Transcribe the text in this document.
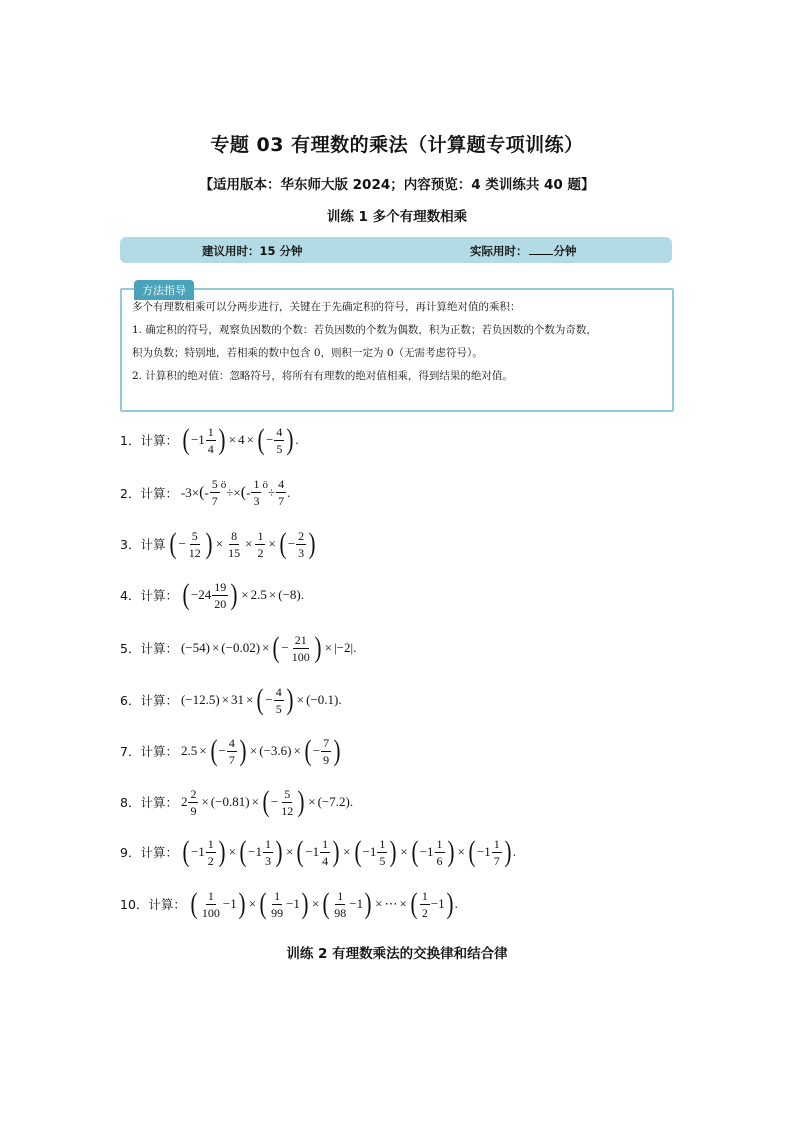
专题 03 有理数的乘法（计算题专项训练）
【适用版本：华东师大版 2024；内容预览：4 类训练共 40 题】
训练 1 多个有理数相乘
建议用时：15 分钟	实际用时： 分钟
方法指导

多个有理数相乘可以分两步进行，关键在于先确定积的符号，再计算绝对值的乘积：

1. 确定积的符号，观察负因数的个数：若负因数的个数为偶数，积为正数；若负因数的个数为奇数，

积为负数；特别地，若相乘的数中包含 0，则积一定为 0（无需考虑符号）。

2. 计算积的绝对值：忽略符号，将所有有理数的绝对值相乘，得到结果的绝对值。

1．计算： ( $-1 \frac{1}{4}$ ) × 4 × ( − $\frac{4}{5}$ ) .
2．计算： -3× ( - $\frac{5}{7}$ ö ÷× ( - $\frac{1}{3}$ ö ÷ $\frac{4}{7}$ .
3．计算 ( − $\frac{5}{12}$ ) × $\frac{8}{15} \times \frac{1}{2}$ × ( − $\frac{2}{3}$ )
4．计算： ( $-24 \frac{19}{20}$ ) × 2.5 × (−8) .
5．计算： (−54) × (−0.02) × ( − $\frac{21}{100}$ ) × |−2| .
6．计算： (−12.5) × 31 × ( − $\frac{4}{5}$ ) × (−0.1) .
7．计算： 2.5 × ( − $\frac{4}{7}$ ) × (−3.6) × ( − $\frac{7}{9}$ )
8．计算： $2 \frac{2}{9} \times (-0.81)$ × ( − $\frac{5}{12}$ ) × (−7.2) .
9．计算： ( $-1 \frac{1}{2}$ ) × ( $-1 \frac{1}{3}$ ) × ( $-1 \frac{1}{4}$ ) × ( $-1 \frac{1}{5}$ ) × ( $-1 \frac{1}{6}$ ) × ( $-1 \frac{1}{7}$ ) .
10．计算： ( $\frac{1}{100} -1$ ) × ( $\frac{1}{99} -1$ ) × ( $\frac{1}{98} -1$ ) × ⋯ × ( $\frac{1}{2} -1$ ) .
训练 2 有理数乘法的交换律和结合律
